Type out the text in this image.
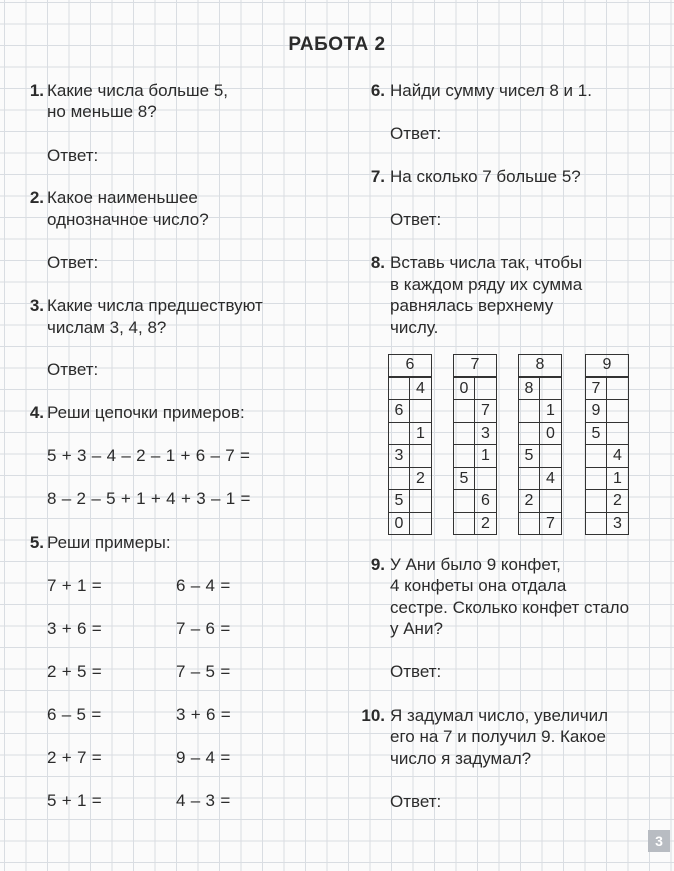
РАБОТА 2
1. Какие числа больше 5,
но меньше 8?
Ответ:
2. Какое наименьшее
однозначное число?
Ответ:
3. Какие числа предшествуют
числам 3, 4, 8?
Ответ:
4. Реши цепочки примеров:
5 + 3 – 4 – 2 – 1 + 6 – 7 =
8 – 2 – 5 + 1 + 4 + 3 – 1 =
5. Реши примеры:
7 + 1 =
3 + 6 =
2 + 5 =
6 – 5 =
2 + 7 =
5 + 1 =
6 – 4 =
7 – 6 =
7 – 5 =
3 + 6 =
9 – 4 =
4 – 3 =
6. Найди сумму чисел 8 и 1.
Ответ:
7. На сколько 7 больше 5?
Ответ:
8. Вставь числа так, чтобы
в каждом ряду их сумма
равнялась верхнему
числу.
6
4
6
1
3
2
5
0
7
0
7
3
1
5
6
2
8
8
1
0
5
4
2
7
9
7
9
5
4
1
2
3
9. У Ани было 9 конфет,
4 конфеты она отдала
сестре. Сколько конфет стало
у Ани?
Ответ:
10. Я задумал число, увеличил
его на 7 и получил 9. Какое
число я задумал?
Ответ:
3
